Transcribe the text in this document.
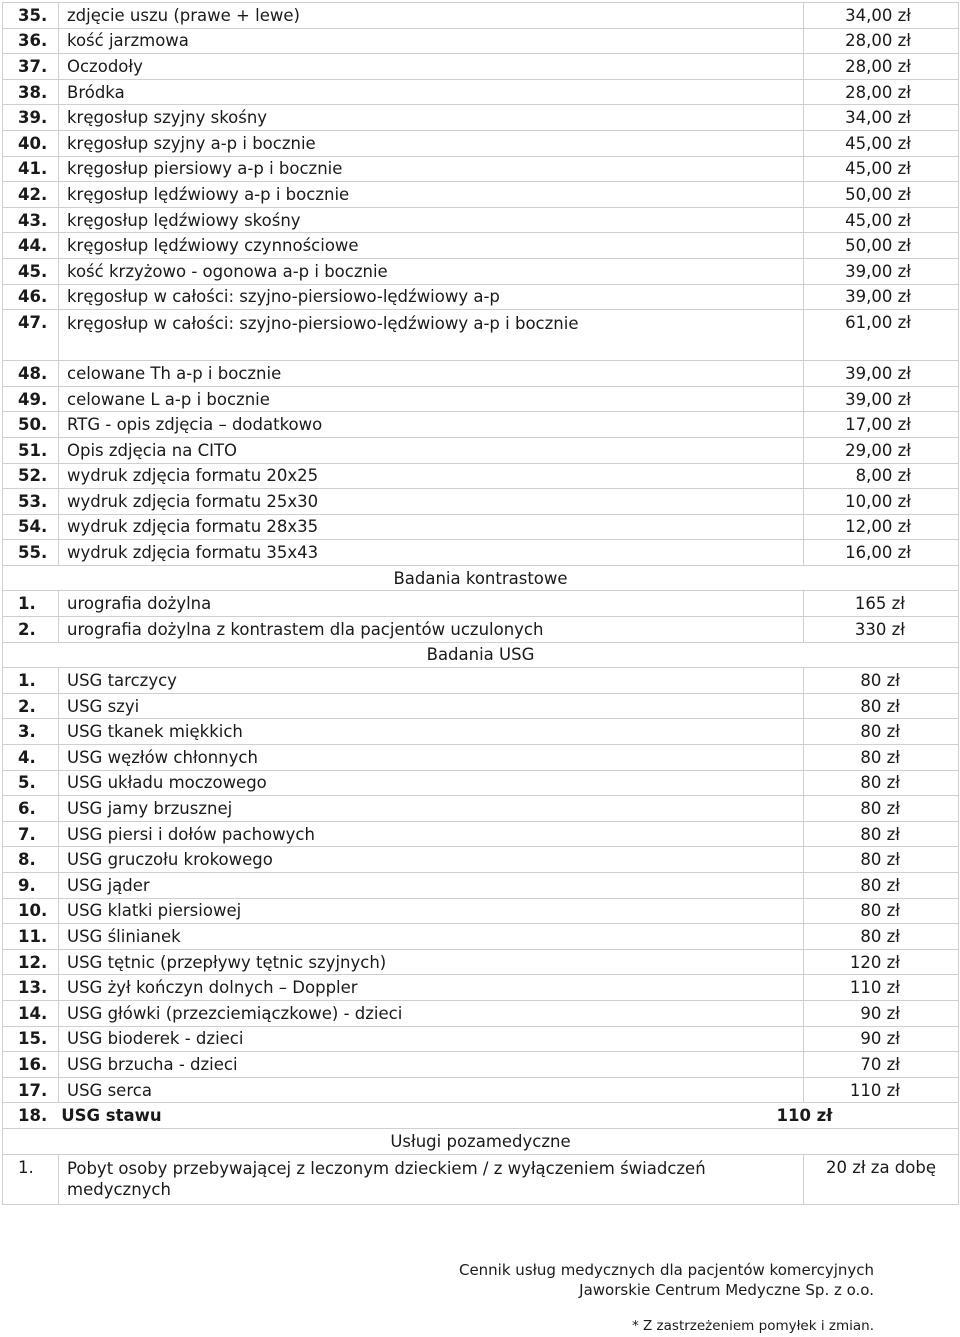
35.	zdjęcie uszu (prawe + lewe)	34,00 zł
36.	kość jarzmowa	28,00 zł
37.	Oczodoły	28,00 zł
38.	Bródka	28,00 zł
39.	kręgosłup szyjny skośny	34,00 zł
40.	kręgosłup szyjny a-p i bocznie	45,00 zł
41.	kręgosłup piersiowy a-p i bocznie	45,00 zł
42.	kręgosłup lędźwiowy a-p i bocznie	50,00 zł
43.	kręgosłup lędźwiowy skośny	45,00 zł
44.	kręgosłup lędźwiowy czynnościowe	50,00 zł
45.	kość krzyżowo - ogonowa a-p i bocznie	39,00 zł
46.	kręgosłup w całości: szyjno-piersiowo-lędźwiowy a-p	39,00 zł
47.	kręgosłup w całości: szyjno-piersiowo-lędźwiowy a-p i bocznie	61,00 zł
48.	celowane Th a-p i bocznie	39,00 zł
49.	celowane L a-p i bocznie	39,00 zł
50.	RTG - opis zdjęcia – dodatkowo	17,00 zł
51.	Opis zdjęcia na CITO	29,00 zł
52.	wydruk zdjęcia formatu 20x25	8,00 zł
53.	wydruk zdjęcia formatu 25x30	10,00 zł
54.	wydruk zdjęcia formatu 28x35	12,00 zł
55.	wydruk zdjęcia formatu 35x43	16,00 zł
Badania kontrastowe		
1.	urografia dożylna	165 zł
2.	urografia dożylna z kontrastem dla pacjentów uczulonych	330 zł
Badania USG		
1.	USG tarczycy	80 zł
2.	USG szyi	80 zł
3.	USG tkanek miękkich	80 zł
4.	USG węzłów chłonnych	80 zł
5.	USG układu moczowego	80 zł
6.	USG jamy brzusznej	80 zł
7.	USG piersi i dołów pachowych	80 zł
8.	USG gruczołu krokowego	80 zł
9.	USG jąder	80 zł
10.	USG klatki piersiowej	80 zł
11.	USG ślinianek	80 zł
12.	USG tętnic (przepływy tętnic szyjnych)	120 zł
13.	USG żył kończyn dolnych – Doppler	110 zł
14.	USG główki (przezciemiączkowe) - dzieci	90 zł
15.	USG bioderek - dzieci	90 zł
16.	USG brzucha - dzieci	70 zł
17.	USG serca	110 zł
18. USG stawu 110 zł		

Usługi pozamedyczne		
1.	Pobyt osoby przebywającej z leczonym dzieckiem / z wyłączeniem świadczeń medycznych	20 zł za dobę
Cennik usług medycznych dla pacjentów komercyjnych
Jaworskie Centrum Medyczne Sp. z o.o.
* Z zastrzeżeniem pomyłek i zmian.
